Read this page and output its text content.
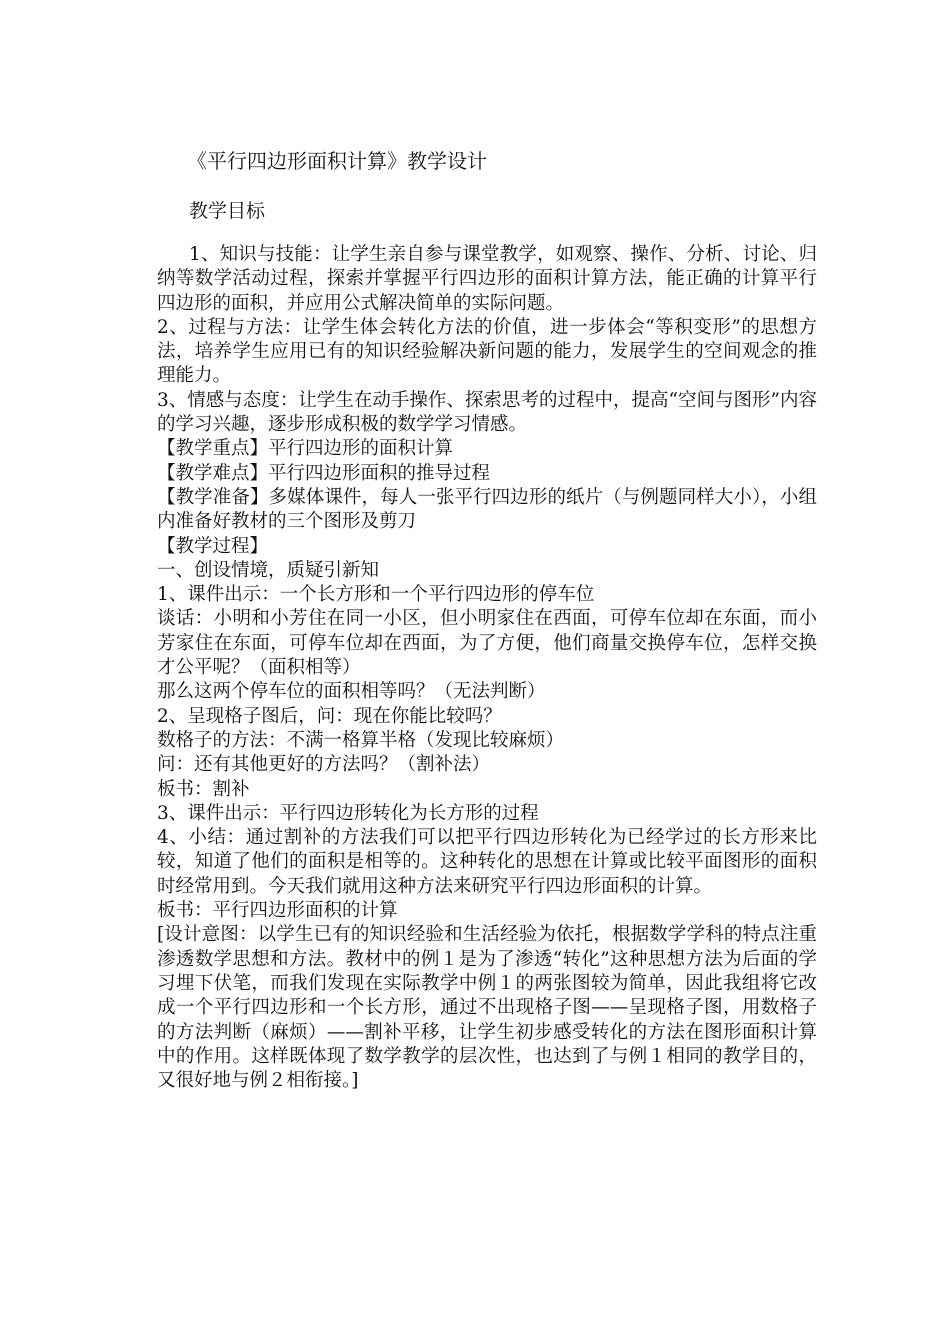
《平行四边形面积计算》教学设计
教学目标

1、知识与技能：让学生亲自参与课堂教学，如观察、操作、分析、讨论、归纳等数学活动过程，探索并掌握平行四边形的面积计算方法，能正确的计算平行四边形的面积，并应用公式解决简单的实际问题。

2、过程与方法：让学生体会转化方法的价值，进一步体会“等积变形”的思想方法，培养学生应用已有的知识经验解决新问题的能力，发展学生的空间观念的推理能力。

3、情感与态度：让学生在动手操作、探索思考的过程中，提高“空间与图形”内容的学习兴趣，逐步形成积极的数学学习情感。

【教学重点】平行四边形的面积计算

【教学难点】平行四边形面积的推导过程

【教学准备】多媒体课件，每人一张平行四边形的纸片（与例题同样大小），小组内准备好教材的三个图形及剪刀

【教学过程】

一、创设情境，质疑引新知

1、课件出示：一个长方形和一个平行四边形的停车位

谈话：小明和小芳住在同一小区，但小明家住在西面，可停车位却在东面，而小芳家住在东面，可停车位却在西面，为了方便，他们商量交换停车位，怎样交换才公平呢？（面积相等）

那么这两个停车位的面积相等吗？（无法判断）

2、呈现格子图后，问：现在你能比较吗？

数格子的方法：不满一格算半格（发现比较麻烦）

问：还有其他更好的方法吗？（割补法）

板书：割补

3、课件出示：平行四边形转化为长方形的过程

4、小结：通过割补的方法我们可以把平行四边形转化为已经学过的长方形来比较，知道了他们的面积是相等的。这种转化的思想在计算或比较平面图形的面积时经常用到。今天我们就用这种方法来研究平行四边形面积的计算。

板书：平行四边形面积的计算

[设计意图：以学生已有的知识经验和生活经验为依托，根据数学学科的特点注重渗透数学思想和方法。教材中的例１是为了渗透“转化”这种思想方法为后面的学习埋下伏笔，而我们发现在实际教学中例１的两张图较为简单，因此我组将它改成一个平行四边形和一个长方形，通过不出现格子图——呈现格子图，用数格子的方法判断（麻烦）——割补平移，让学生初步感受转化的方法在图形面积计算中的作用。这样既体现了数学教学的层次性，也达到了与例１相同的教学目的，又很好地与例２相衔接。]
